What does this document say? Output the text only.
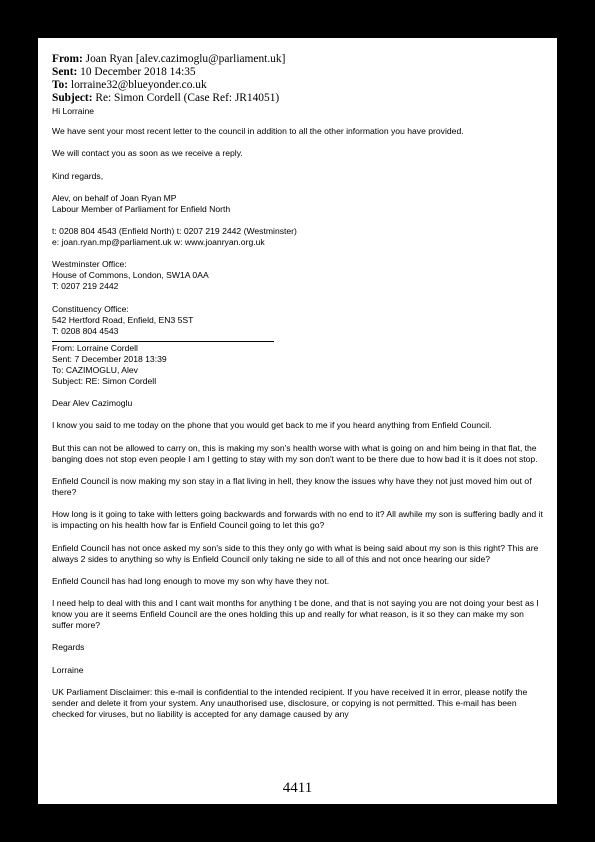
From: Joan Ryan [alev.cazimoglu@parliament.uk]
Sent: 10 December 2018 14:35
To: lorraine32@blueyonder.co.uk
Subject: Re: Simon Cordell (Case Ref: JR14051)

Hi Lorraine

We have sent your most recent letter to the council in addition to all the other information you have provided.

We will contact you as soon as we receive a reply.

Kind regards,

Alev, on behalf of Joan Ryan MP
Labour Member of Parliament for Enfield North

t: 0208 804 4543 (Enfield North) t: 0207 219 2442 (Westminster)
e: joan.ryan.mp@parliament.uk w: www.joanryan.org.uk

Westminster Office:
House of Commons, London, SW1A 0AA
T: 0207 219 2442

Constituency Office:
542 Hertford Road, Enfield, EN3 5ST
T: 0208 804 4543

From: Lorraine Cordell
Sent: 7 December 2018 13:39
To: CAZIMOGLU, Alev
Subject: RE: Simon Cordell

Dear Alev Cazimoglu

I know you said to me today on the phone that you would get back to me if you heard anything from Enfield Council.

But this can not be allowed to carry on, this is making my son's health worse with what is going on and him being in that flat, the banging does not stop even people I am I getting to stay with my son don't want to be there due to how bad it is it does not stop.

Enfield Council is now making my son stay in a flat living in hell, they know the issues why have they not just moved him out of there?

How long is it going to take with letters going backwards and forwards with no end to it? All awhile my son is suffering badly and it is impacting on his health how far is Enfield Council going to let this go?

Enfield Council has not once asked my son's side to this they only go with what is being said about my son is this right? This are always 2 sides to anything so why is Enfield Council only taking ne side to all of this and not once hearing our side?

Enfield Council has had long enough to move my son why have they not.

I need help to deal with this and I cant wait months for anything t be done, and that is not saying you are not doing your best as I know you are it seems Enfield Council are the ones holding this up and really for what reason, is it so they can make my son suffer more?

Regards

Lorraine

UK Parliament Disclaimer: this e-mail is confidential to the intended recipient. If you have received it in error, please notify the sender and delete it from your system. Any unauthorised use, disclosure, or copying is not permitted. This e-mail has been checked for viruses, but no liability is accepted for any damage caused by any

4411
